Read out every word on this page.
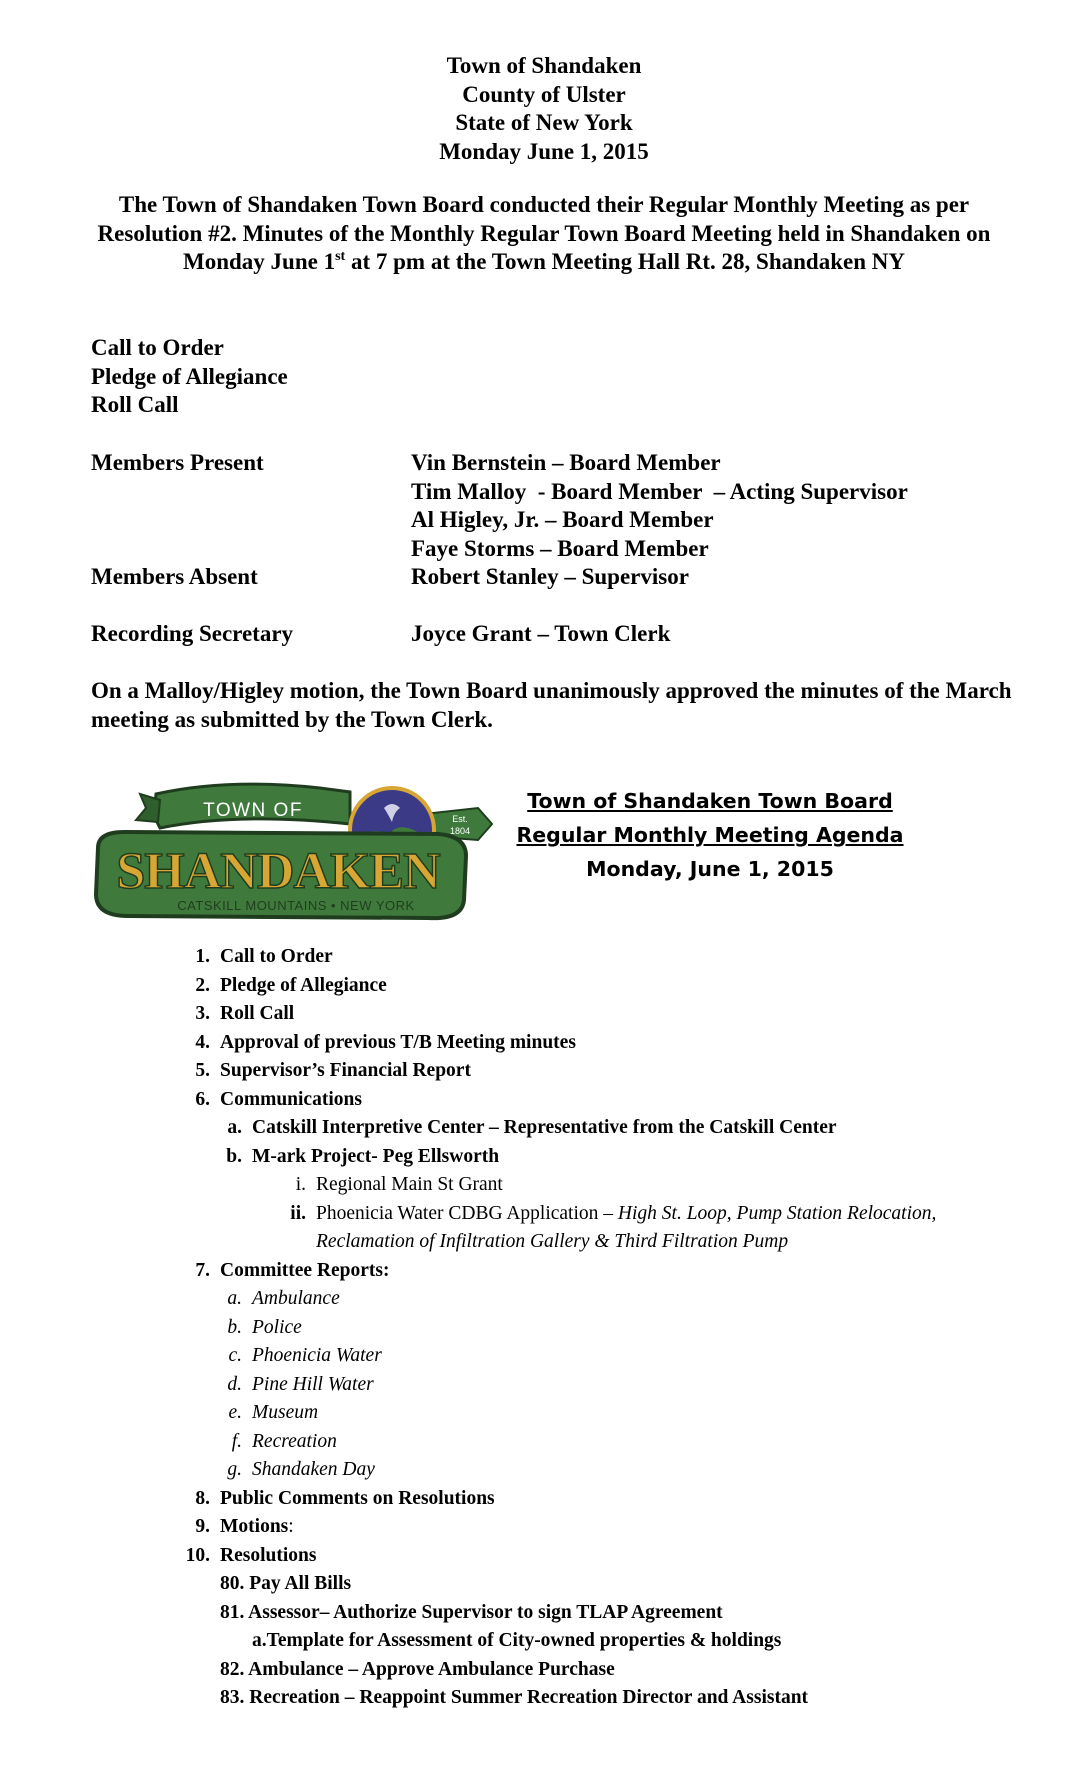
Town of Shandaken
County of Ulster
State of New York
Monday June 1, 2015
The Town of Shandaken Town Board conducted their Regular Monthly Meeting as per Resolution #2. Minutes of the Monthly Regular Town Board Meeting held in Shandaken on Monday June 1st at 7 pm at the Town Meeting Hall Rt. 28, Shandaken NY
Call to Order
Pledge of Allegiance
Roll Call
Members Present	Vin Bernstein – Board Member
Tim Malloy  - Board Member  – Acting Supervisor
Al Higley, Jr. – Board Member
Faye Storms – Board Member
Members Absent	Robert Stanley – Supervisor
Recording Secretary	Joyce Grant – Town Clerk
On a Malloy/Higley motion, the Town Board unanimously approved the minutes of the March meeting as submitted by the Town Clerk.
TOWN OF	Est.
1804
SHANDAKEN
CATSKILL MOUNTAINS • NEW YORK
Town of Shandaken Town Board
Regular Monthly Meeting Agenda
Monday, June 1, 2015
1. Call to Order
2. Pledge of Allegiance
3. Roll Call
4. Approval of previous T/B Meeting minutes
5. Supervisor’s Financial Report
6. Communications
a. Catskill Interpretive Center – Representative from the Catskill Center
b. M-ark Project- Peg Ellsworth
i. Regional Main St Grant
ii. Phoenicia Water CDBG Application – High St. Loop, Pump Station Relocation,
Reclamation of Infiltration Gallery & Third Filtration Pump
7. Committee Reports:
a. Ambulance
b. Police
c. Phoenicia Water
d. Pine Hill Water
e. Museum
f. Recreation
g. Shandaken Day
8. Public Comments on Resolutions
9. Motions:
10. Resolutions
80. Pay All Bills
81. Assessor– Authorize Supervisor to sign TLAP Agreement
a.Template for Assessment of City-owned properties & holdings
82. Ambulance – Approve Ambulance Purchase
83. Recreation – Reappoint Summer Recreation Director and Assistant
